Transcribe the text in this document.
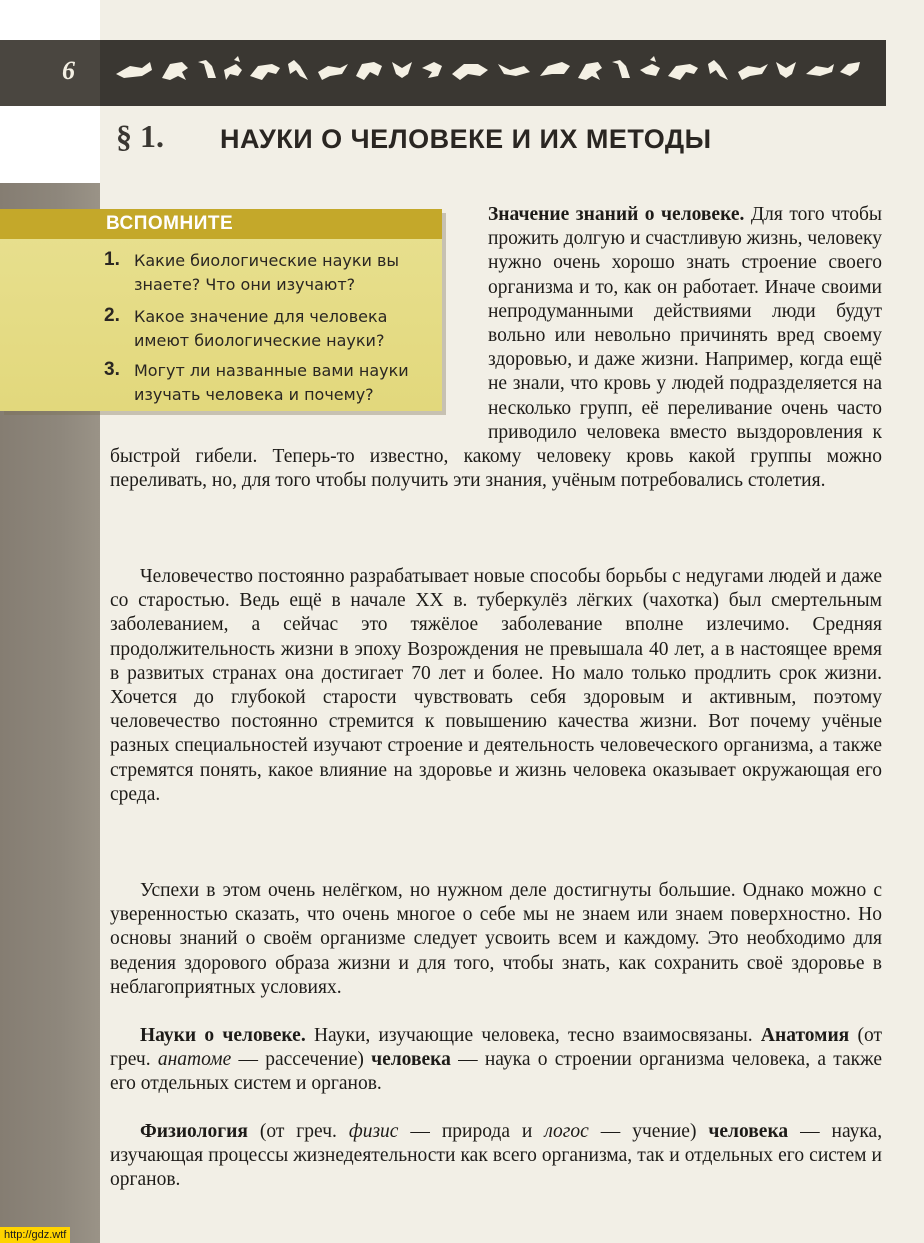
6
§ 1. НАУКИ О ЧЕЛОВЕКЕ И ИХ МЕТОДЫ
ВСПОМНИТЕ
1. Какие биологические науки вы знаете? Что они изучают?
2. Какое значение для человека имеют биологические науки?
3. Могут ли названные вами науки изучать человека и почему?
Значение знаний о человеке. Для того чтобы прожить долгую и счастливую жизнь, человеку нужно очень хорошо знать строение своего организма и то, как он работает. Иначе своими непродуманными действиями люди будут вольно или невольно причинять вред своему здоровью, и даже жизни. Например, когда ещё не знали, что кровь у людей подразделяется на несколько групп, её переливание очень часто приводило человека вместо выздоровления к быстрой гибели. Теперь-то известно, какому человеку кровь какой группы можно переливать, но, для того чтобы получить эти знания, учёным потребовались столетия.

Человечество постоянно разрабатывает новые способы борьбы с недугами людей и даже со старостью. Ведь ещё в начале XX в. туберкулёз лёгких (чахотка) был смертельным заболеванием, а сейчас это тяжёлое заболевание вполне излечимо. Средняя продолжительность жизни в эпоху Возрождения не превышала 40 лет, а в настоящее время в развитых странах она достигает 70 лет и более. Но мало только продлить срок жизни. Хочется до глубокой старости чувствовать себя здоровым и активным, поэтому человечество постоянно стремится к повышению качества жизни. Вот почему учёные разных специальностей изучают строение и деятельность человеческого организма, а также стремятся понять, какое влияние на здоровье и жизнь человека оказывает окружающая его среда.

Успехи в этом очень нелёгком, но нужном деле достигнуты большие. Однако можно с уверенностью сказать, что очень многое о себе мы не знаем или знаем поверхностно. Но основы знаний о своём организме следует усвоить всем и каждому. Это необходимо для ведения здорового образа жизни и для того, чтобы знать, как сохранить своё здоровье в неблагоприятных условиях.

Науки о человеке. Науки, изучающие человека, тесно взаимосвязаны. Анатомия (от греч. анатоме — рассечение) человека — наука о строении организма человека, а также его отдельных систем и органов.

Физиология (от греч. физис — природа и логос — учение) человека — наука, изучающая процессы жизнедеятельности как всего организма, так и отдельных его систем и органов.

http://gdz.wtf
